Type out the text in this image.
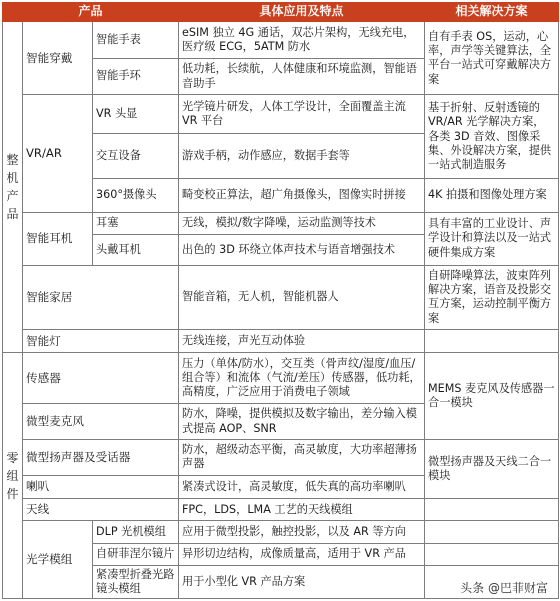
产品			具体应用及特点	相关解决方案
整
机
产
品	智能穿戴	智能手表	eSIM 独立 4G 通话，双芯片架构，无线充电，医疗级 ECG，5ATM 防水	自有手表 OS，运动，心率，声学等关键算法，全平台一站式可穿戴解决方案
		智能手环	低功耗，长续航，人体健康和环境监测，智能语音助手	
	VR/AR	VR 头显	光学镜片研发，人体工学设计，全面覆盖主流 VR 平台	基于折射、反射透镜的 VR/AR 光学解决方案，各类 3D 音效、图像采集、外设解决方案，提供一站式制造服务
		交互设备	游戏手柄，动作感应，数据手套等	
		360°摄像头	畸变校正算法，超广角摄像头，图像实时拼接	4K 拍摄和图像处理方案
	智能耳机	耳塞	无线，模拟/数字降噪，运动监测等技术	具有丰富的工业设计、声学设计和算法以及一站式硬件集成方案
		头戴耳机	出色的 3D 环绕立体声技术与语音增强技术	
	智能家居		智能音箱，无人机，智能机器人	自研降噪算法，波束阵列解决方案，语音及投影交互方案，运动控制平衡方案
	智能灯		无线连接，声光互动体验	
零
组
件	传感器		压力（单体/防水），交互类（骨声纹/湿度/血压/组合等）和流体（气流/差压）传感器，低功耗，高精度，广泛应用于消费电子领域	MEMS 麦克风及传感器一合一模块
	微型麦克风		防水，降噪，提供模拟及数字输出，差分输入模式提高 AOP、SNR	
	微型扬声器及受话器		防水，超级动态平衡，高灵敏度，大功率超薄扬声器	微型扬声器及天线二合一模块
	喇叭		紧凑式设计，高灵敏度，低失真的高功率喇叭	
	天线		FPC，LDS，LMA 工艺的天线模组	
	光学模组	DLP 光机模组	应用于微型投影，触控投影，以及 AR 等方向	
		自研菲涅尔镜片	异形切边结构，成像质量高，适用于 VR 产品	
		紧凑型折叠光路镜头模组	用于小型化 VR 产品方案		头条 @巴菲财富
